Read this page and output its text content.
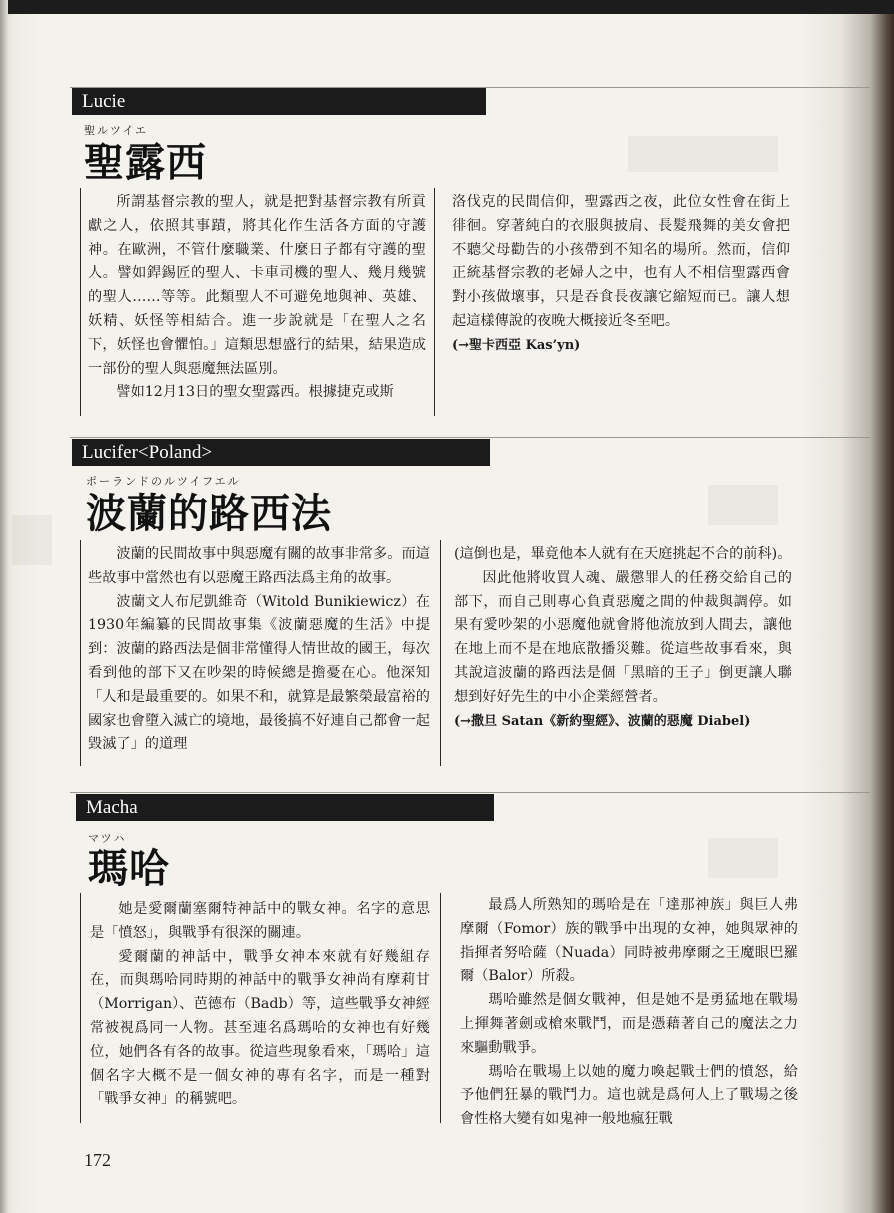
Lucie
聖ルツイエ
聖露西

所謂基督宗教的聖人，就是把對基督宗教有所貢獻之人，依照其事蹟，將其化作生活各方面的守護神。在歐洲，不管什麼職業、什麼日子都有守護的聖人。譬如銲錫匠的聖人、卡車司機的聖人、幾月幾號的聖人……等等。此類聖人不可避免地與神、英雄、妖精、妖怪等相結合。進一步說就是「在聖人之名下，妖怪也會懼怕。」這類思想盛行的結果，結果造成一部份的聖人與惡魔無法區別。

譬如12月13日的聖女聖露西。根據捷克或斯

洛伐克的民間信仰，聖露西之夜，此位女性會在街上徘徊。穿著純白的衣服與披肩、長髮飛舞的美女會把不聽父母勸告的小孩帶到不知名的場所。然而，信仰正統基督宗教的老婦人之中，也有人不相信聖露西會對小孩做壞事，只是吞食長夜讓它縮短而已。讓人想起這樣傳說的夜晚大概接近冬至吧。

(→聖卡西亞 Kas’yn)

Lucifer<Poland>
ポーランドのルツイフエル
波蘭的路西法

波蘭的民間故事中與惡魔有關的故事非常多。而這些故事中當然也有以惡魔王路西法爲主角的故事。

波蘭文人布尼凱維奇（Witold Bunikiewicz）在1930年編纂的民間故事集《波蘭惡魔的生活》中提到：波蘭的路西法是個非常懂得人情世故的國王，每次看到他的部下又在吵架的時候總是擔憂在心。他深知「人和是最重要的。如果不和，就算是最繁榮最富裕的國家也會墮入滅亡的境地，最後搞不好連自己都會一起毀滅了」的道理

(這倒也是，畢竟他本人就有在天庭挑起不合的前科)。

因此他將收買人魂、嚴懲罪人的任務交給自己的部下，而自己則專心負責惡魔之間的仲裁與調停。如果有愛吵架的小惡魔他就會將他流放到人間去，讓他在地上而不是在地底散播災難。從這些故事看來，與其說這波蘭的路西法是個「黑暗的王子」倒更讓人聯想到好好先生的中小企業經營者。

(→撒旦 Satan《新約聖經》、波蘭的惡魔 Diabel)

Macha
マツハ
瑪哈

她是愛爾蘭塞爾特神話中的戰女神。名字的意思是「憤怒」，與戰爭有很深的關連。

愛爾蘭的神話中，戰爭女神本來就有好幾組存在，而與瑪哈同時期的神話中的戰爭女神尚有摩莉甘（Morrigan）、芭德布（Badb）等，這些戰爭女神經常被視爲同一人物。甚至連名爲瑪哈的女神也有好幾位，她們各有各的故事。從這些現象看來，「瑪哈」這個名字大概不是一個女神的專有名字，而是一種對「戰爭女神」的稱號吧。

最爲人所熟知的瑪哈是在「達那神族」與巨人弗摩爾（Fomor）族的戰爭中出現的女神，她與眾神的指揮者努哈薩（Nuada）同時被弗摩爾之王魔眼巴羅爾（Balor）所殺。

瑪哈雖然是個女戰神，但是她不是勇猛地在戰場上揮舞著劍或槍來戰鬥，而是憑藉著自己的魔法之力來驅動戰爭。

瑪哈在戰場上以她的魔力喚起戰士們的憤怒，給予他們狂暴的戰鬥力。這也就是爲何人上了戰場之後會性格大變有如鬼神一般地瘋狂戰

172
